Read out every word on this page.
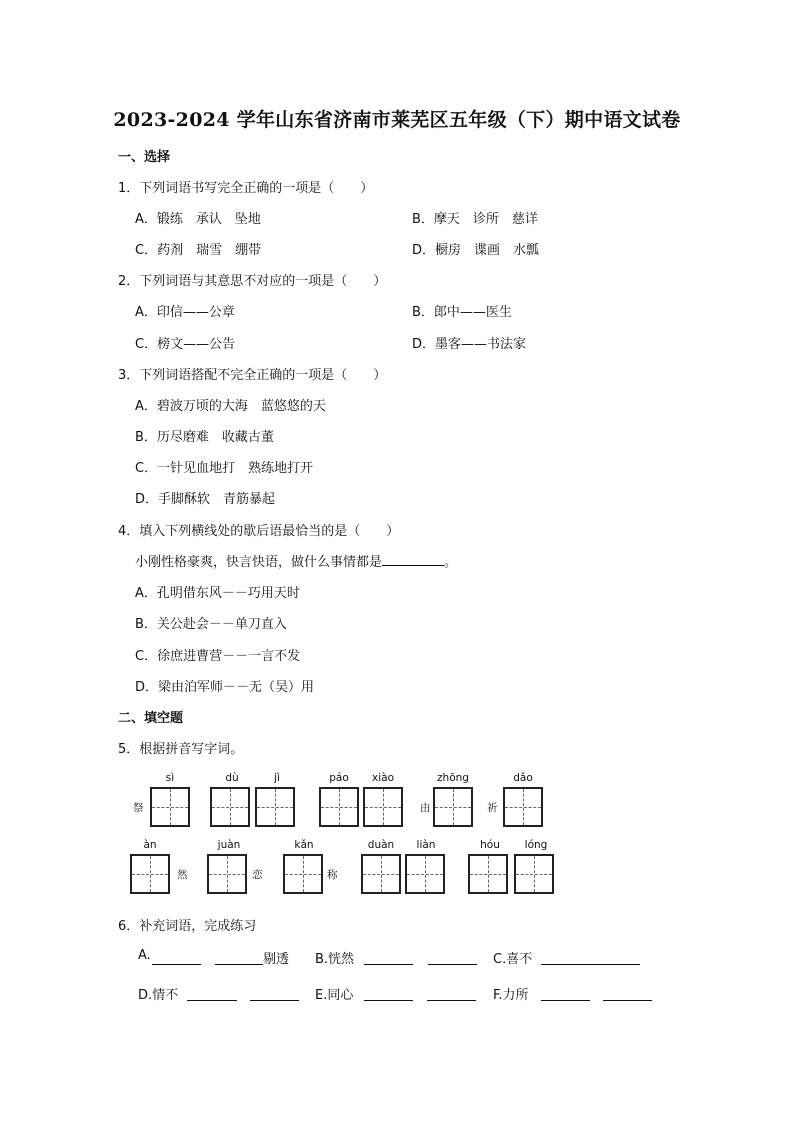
2023-2024 学年山东省济南市莱芜区五年级（下）期中语文试卷
一、选择
1．下列词语书写完全正确的一项是（　　）
A．锻练　承认　坠地	B．摩天　诊所　慈详
C．药剂　瑞雪　绷带	D．橱房　谍画　水瓢
2．下列词语与其意思不对应的一项是（　　）
A．印信——公章	B．郎中——医生
C．榜文——公告	D．墨客——书法家
3．下列词语搭配不完全正确的一项是（　　）
A．碧波万顷的大海　蓝悠悠的天
B．历尽磨难　收藏古董
C．一针见血地打　熟练地打开
D．手脚酥软　青筋暴起
4．填入下列横线处的歇后语最恰当的是（　　）
小刚性格豪爽，快言快语，做什么事情都是	。
A．孔明借东风－－巧用天时
B．关公赴会－－单刀直入
C．徐庶进曹营－－一言不发
D．梁由泊军师－－无（吴）用
二、填空题
5．根据拼音写字词。
sì	dù	jì	páo	xiào	zhōng	dǎo
祭	由	祈
àn	juàn	kǎn	duàn	liàn	hóu	lóng
然	恋	称
6．补充词语，完成练习
A.	剔透 B.恍然	C.喜不
D.情不	E.同心	F.力所
